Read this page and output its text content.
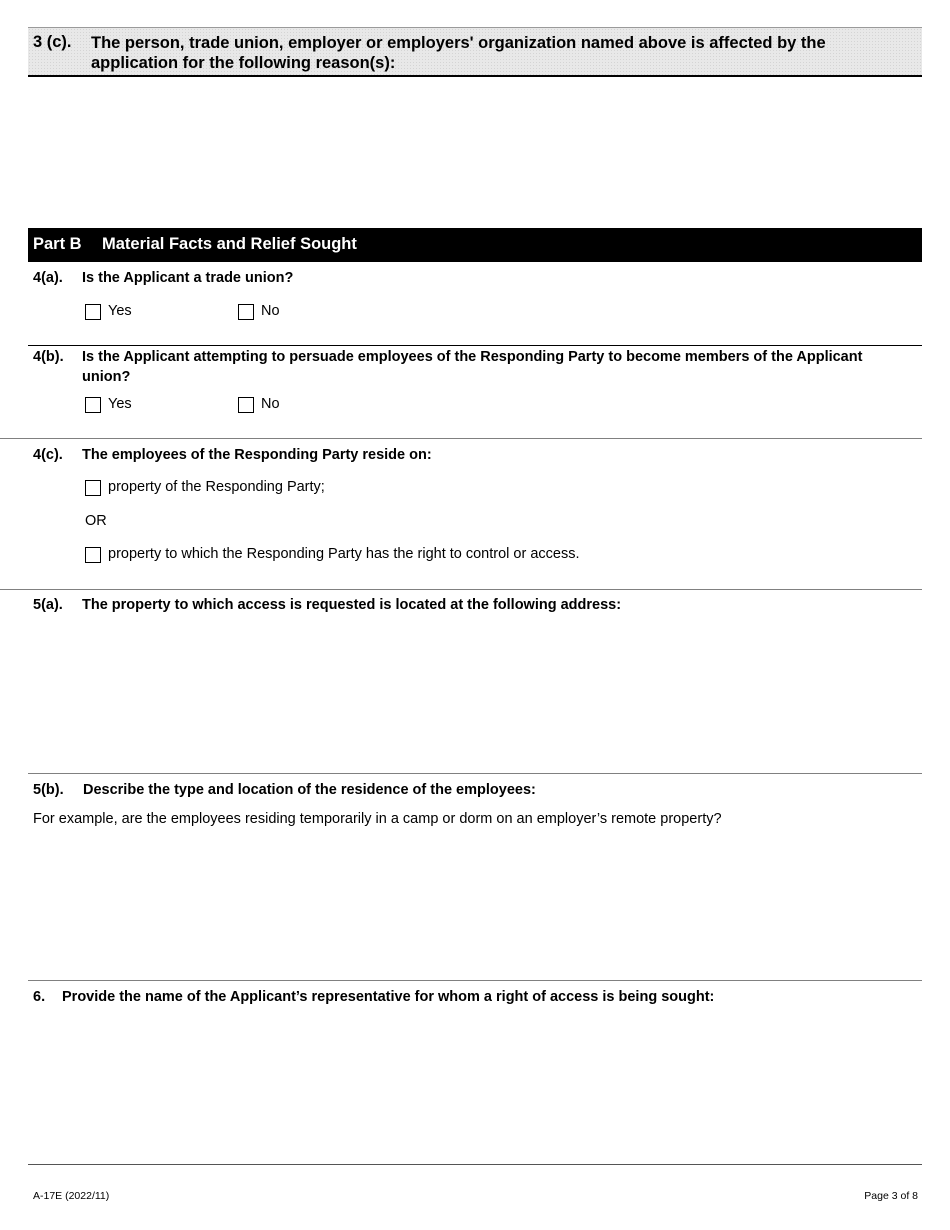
3 (c). The person, trade union, employer or employers' organization named above is affected by the application for the following reason(s):
Part B Material Facts and Relief Sought
4(a). Is the Applicant a trade union?
Yes	No
4(b). Is the Applicant attempting to persuade employees of the Responding Party to become members of the Applicant union?
Yes	No
4(c). The employees of the Responding Party reside on:
property of the Responding Party;
OR
property to which the Responding Party has the right to control or access.
5(a). The property to which access is requested is located at the following address:
5(b). Describe the type and location of the residence of the employees:
For example, are the employees residing temporarily in a camp or dorm on an employer’s remote property?
6. Provide the name of the Applicant’s representative for whom a right of access is being sought:
A-17E (2022/11)	Page 3 of 8
